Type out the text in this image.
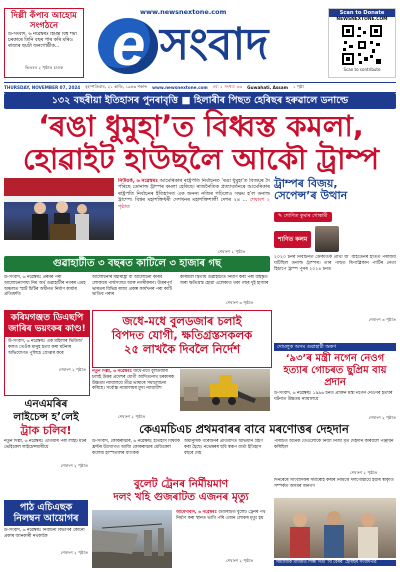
দিল্লী কঁপাব আহোম সংগঠনে
উ-সংবাদ, ৬ নৱেম্বৰঃ হিমন্ত বিশ্ব শৰ্মা চৰকাৰে তিনি বছৰ পাৰ কৰি মৰিও ৰাজ্যৰ ছয়টা জনগোষ্ঠীক...
ভিতৰৰ ২ পৃষ্ঠাত চাওক
www.newsnextone.com
e সংবাদ
Scan to Donate
NEWSNEXTONE.COM
Scan to contribute
THURSDAY, NOVEMBER 07, 2024 বৃহস্পতিবাৰ, ২১ কাতি, ১৯৪৬ শকাব্দ www.newsnextone.com বৰ্ষ: ২ সংখ্যা: ৬৬ Guwahati, Assam ১ পৃষ্ঠা
১৩২ বছৰীয়া ইতিহাসৰ পুনৰাবৃত্তি ■ হিলাৰীৰ পিছত হেৰিছৰ হৰুৱালে ডনাল্ডে
‘ৰঙা ধুমুহা’ত বিধ্বস্ত কমলা,
হোৱাইট হাউছলৈ আকৌ ট্ৰাম্প
নিউয়ৰ্ক, ৬ নৱেম্বৰঃ আমেৰিকাৰ ৰাষ্ট্ৰপতি নিৰ্বাচনত ‘ৰঙা ধুমুহা’ত বিজয়ৰ দৈ পৰিছে ডোনাল্ড ট্ৰাম্পৰ কমলা হেৰিছে। ৰাজনৈতিক প্ৰত্যাবৰ্তনৰে আমেৰিকাৰ ৰাষ্ট্ৰপতি নিৰ্বাচনৰ ইতিহাসত এক অনন্য নজিৰ গঢ়িলেও সক্ষম হ’ল ডনাল্ড ট্ৰাম্পে। বিশ্বৰ মহাশক্তিধৰী দেশখনৰ মহাশক্তিশালী দেশৰ ২৪ ... শেষাংশ ২ পৃষ্ঠাত
শেষাংশ ২ পৃষ্ঠাত
ট্ৰাম্পৰ বিজয়,
সেপেন্স’ৰ উত্থান
✎ শোণিত কুমাৰ গোস্বামী
শাণিত কলম
২০২০ চনৰ নিৰ্বাচনত ক্ৰেকৰ্তিক প্ৰাৰ্থী জ’ বাইডেনৰ হাতত পৰাজয় ঘটিছিল ডনাল্ড ট্ৰাম্পৰ। তাৰ পাছত ৰিপাব্লিকান পাৰ্টিৰ নেতা হিচাপে ট্ৰাম্প পুনৰ ২০২৪ চনত
শেষাংশ ৩ পৃষ্ঠাত
গুৱাহাটীত ৩ বছৰত কাটিলে ৩ হাজাৰ গছ
উ-সংবাদ, ৬ নৱেম্বৰঃ প্ৰৰমৰ পৰা আলোচনাসাধ্য নিম অৰ্থ গুৱাহাটীৰ নগৰৰ এমহ অঞ্চলত স্মাৰ্ট চিটিৰ অধীনত নিৰ্মাণ কাৰ্য্যৰ প্ৰতিশ্ৰুতি
আলোচনাৰ মহাৰাষ্ট্ৰী বা আলোচনা কৰিব লোকাৰে পাৰ্শ্বসংলগ্ন আৰু নগৰীকৰণ। উত্তৰপূৰ্ব ভাৰতৰ বিভিন্ন ৰাজ্য প্ৰকল্প কাৰ্যখনৰ পৰা কাটি ভাতিব পৰাৰ
কৰিয়িল দ্বিতীয় গুৱাহাটীত নিৰ্মাণ কৰা পৰা বহিষ্কৃত জৰা ক্ষতিগ্ৰস্ত হোৱা এলেকাত থকা গছৰ দুই হাজাৰ
শেষাংশ ৩ পৃষ্ঠাত
কৰিমগঞ্জত ডিএছপি জাৰিৰ ভয়ংকৰ কাণ্ড!
উ-সংবাদ, ৬ নৱেম্বৰঃ এক মহিলাৰ ভিডিঅ’ কলত তেওঁক মানুহ হত্যা কৰা ঘটনাৰ অভিযোগত পুলিচে গ্ৰেপ্তাৰ কৰে
শেষাংশ ২ পৃষ্ঠাত
জধে-মধে বুলডজাৰ চলাই
বিপদত যোগী, ক্ষতিগ্ৰস্তসকলক
২৫ লাখকৈ দিবলৈ নিৰ্দেশ
নতুন দিল্লী, ৬ নৱেম্বৰঃ জধে-মধে বুলডজাৰ চলাই উত্তৰ প্ৰদেশৰ যোগী আদিত্যনাথ চৰকাৰক উচ্চতম ন্যায়ালয়ে তীব্ৰ ভাষাৰে সমালোচনা কৰিছে। সৰ্বোচ্চ ন্যায়ালয়ৰ মুখ্য ন্যায়াধীশ
শেষাংশ ২ পৃষ্ঠাত
দোমলুক অসম গুৱাহাটী অকণ
‘৯৩’ৰ মন্ত্ৰী নগেন নেওগ হত্যাৰ গোচৰত ছুপ্ৰিম বায় প্ৰদান
উ-সংবাদ, ৬ নৱেম্বৰঃ ১৯৯৬ চনত প্ৰাক্তন মন্ত্ৰী নগেন নেওগৰ হত্যাৰ ঘটনাত উচ্চতম ন্যায়ালয়ে
শেষাংশ ২ পৃষ্ঠাত
এনএমৰিৰ
লাইচেন্স হ’লেই
ট্ৰাক চলিব!
নতুন দিল্লী, ৬ নৱেম্বৰঃ এতিয়াৰ পৰা লাইট মটৰ ভেহিকেল লাইচেন্সধাৰীয়ে
শেষাংশ ২ পৃষ্ঠাত
কেএমচিএচ প্ৰথমবাৰৰ বাবে মৰণোত্তৰ দেহদান
উ-সংবাদ, কোকৰাঝাৰ, ৬ নৱেম্বৰঃ ইতিহাস বিষয়ক ফ্ৰন্টৰ উদ্যোগত আজি কোকৰাঝাৰ মেডিকেল কলেজ হাস্পতালৰ ব্যাংকক
অমানুষিক গৰেজনৰ প্ৰতিবাদত অভিযান গ্ৰহণ কৰা হৈছে। নভেম্বৰৰ ছবি স্বৰূপ বাৰ্তা ইতিহাস বছৰে দেহ
পৰিচিত অনেক তেওঁলোকে নিজা নিজা মৃত দেহদান কৰিবলৈ পঞ্জীয়ন কৰিছিল
শেষাংশ ২ পৃষ্ঠাত
বুলেট ট্ৰেনৰ নিৰ্মীয়মাণ
দলং খহি গুজৰাটত এজনৰ মৃত্যু
আমেদাবাদ, ৬ নৱেম্বৰঃ গুজৰাটত বুলেট ট্ৰেনৰ পথ নিৰ্মাণ কৰা স্থানত ভাগি পৰি এজন লোকৰ মৃত্যু হয়
শেষাংশ ২ পৃষ্ঠাত
পাঠ এচিএছক
নিলম্বন আয়োগৰ
উ-সংবাদ, ৬ নৱেম্বৰঃ নিৰ্বাচনী বিভাগৰ কোনো প্ৰকাৰ জানকাৰী নথকাকৈ
শেষাংশ ২ পৃষ্ঠাত
দিনৰেৰে সাংবাদিকৰ সমাৰোহ কৰাৰ নিমিত্তে দলগোষ্ঠীয়ে ইয়াৰ স্বীকৃতি সম্পৰ্কত অসমৰ জনগণ
সামাজিক মাধ্যমত শিল্পী সত্য ‘বি বেৰৰ’ হেৰিছৰ সংবাদপত্ৰ
